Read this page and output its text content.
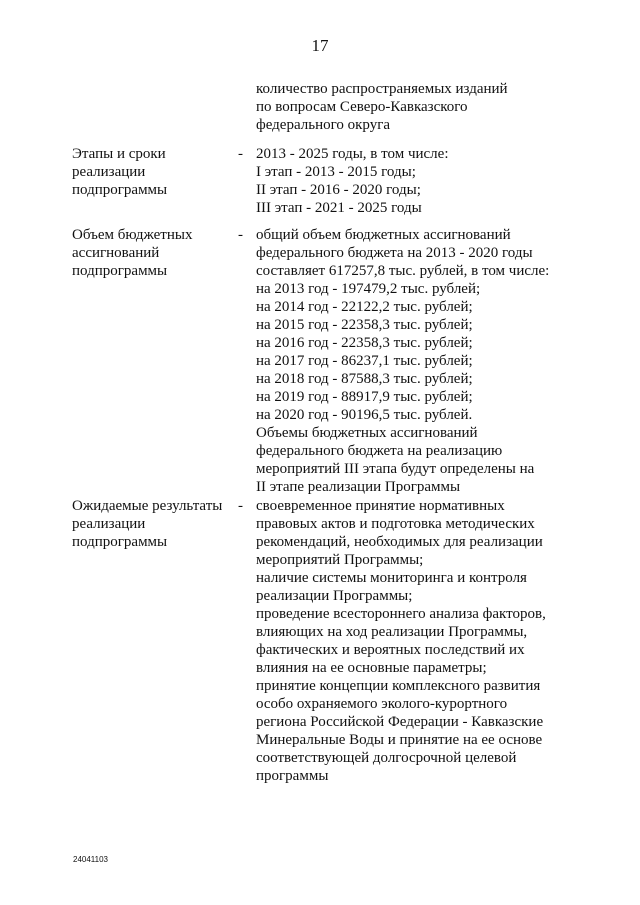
17
количество распространяемых изданий
по вопросам Северо-Кавказского
федерального округа
Этапы и сроки
реализации
подпрограммы
- 2013 - 2025 годы, в том числе:
I этап - 2013 - 2015 годы;
II этап - 2016 - 2020 годы;
III этап - 2021 - 2025 годы
Объем бюджетных
ассигнований
подпрограммы
- общий объем бюджетных ассигнований
федерального бюджета на 2013 - 2020 годы
составляет 617257,8 тыс. рублей, в том числе:
на 2013 год - 197479,2 тыс. рублей;
на 2014 год - 22122,2 тыс. рублей;
на 2015 год - 22358,3 тыс. рублей;
на 2016 год - 22358,3 тыс. рублей;
на 2017 год - 86237,1 тыс. рублей;
на 2018 год - 87588,3 тыс. рублей;
на 2019 год - 88917,9 тыс. рублей;
на 2020 год - 90196,5 тыс. рублей.
Объемы бюджетных ассигнований
федерального бюджета на реализацию
мероприятий III этапа будут определены на
II этапе реализации Программы
Ожидаемые результаты
реализации
подпрограммы
- своевременное принятие нормативных
правовых актов и подготовка методических
рекомендаций, необходимых для реализации
мероприятий Программы;
наличие системы мониторинга и контроля
реализации Программы;
проведение всестороннего анализа факторов,
влияющих на ход реализации Программы,
фактических и вероятных последствий их
влияния на ее основные параметры;
принятие концепции комплексного развития
особо охраняемого эколого-курортного
региона Российской Федерации - Кавказские
Минеральные Воды и принятие на ее основе
соответствующей долгосрочной целевой
программы
24041103
